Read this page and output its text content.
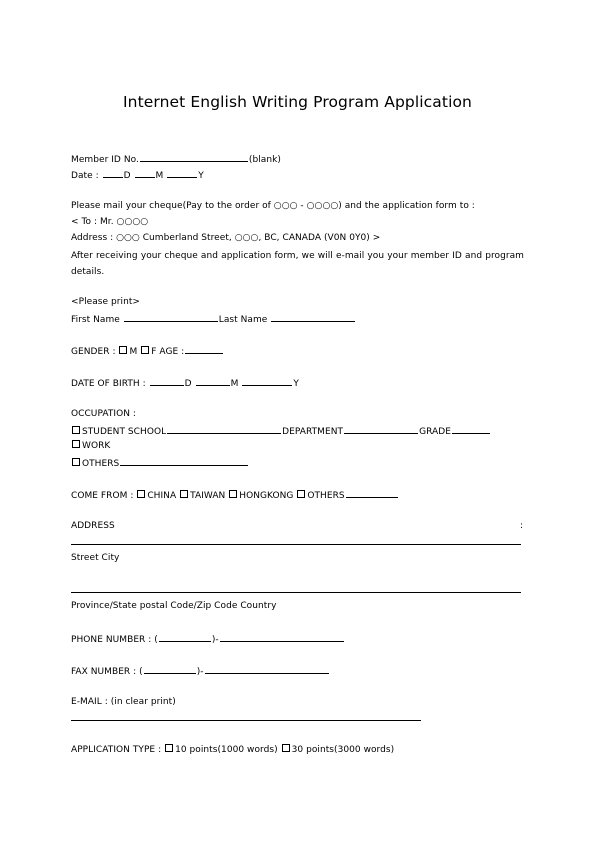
Internet English Writing Program Application
Member ID No.	(blank)
Date :	D	M	Y
Please mail your cheque(Pay to the order of ○○○ - ○○○○) and the application form to :
< To : Mr. ○○○○
Address : ○○○ Cumberland Street, ○○○, BC, CANADA (V0N 0Y0) >
After receiving your cheque and application form, we will e-mail you your member ID and program details.
<Please print>
First Name	Last Name
GENDER : M F AGE :
DATE OF BIRTH :	D	M	Y
OCCUPATION :
STUDENT SCHOOL	DEPARTMENT	GRADE
WORK
OTHERS
COME FROM : CHINA TAIWAN HONGKONG OTHERS
ADDRESS	:
Street City
Province/State postal Code/Zip Code Country
PHONE NUMBER : (	)-
FAX NUMBER : (	)-
E-MAIL : (in clear print)
APPLICATION TYPE : 10 points(1000 words) 30 points(3000 words)
